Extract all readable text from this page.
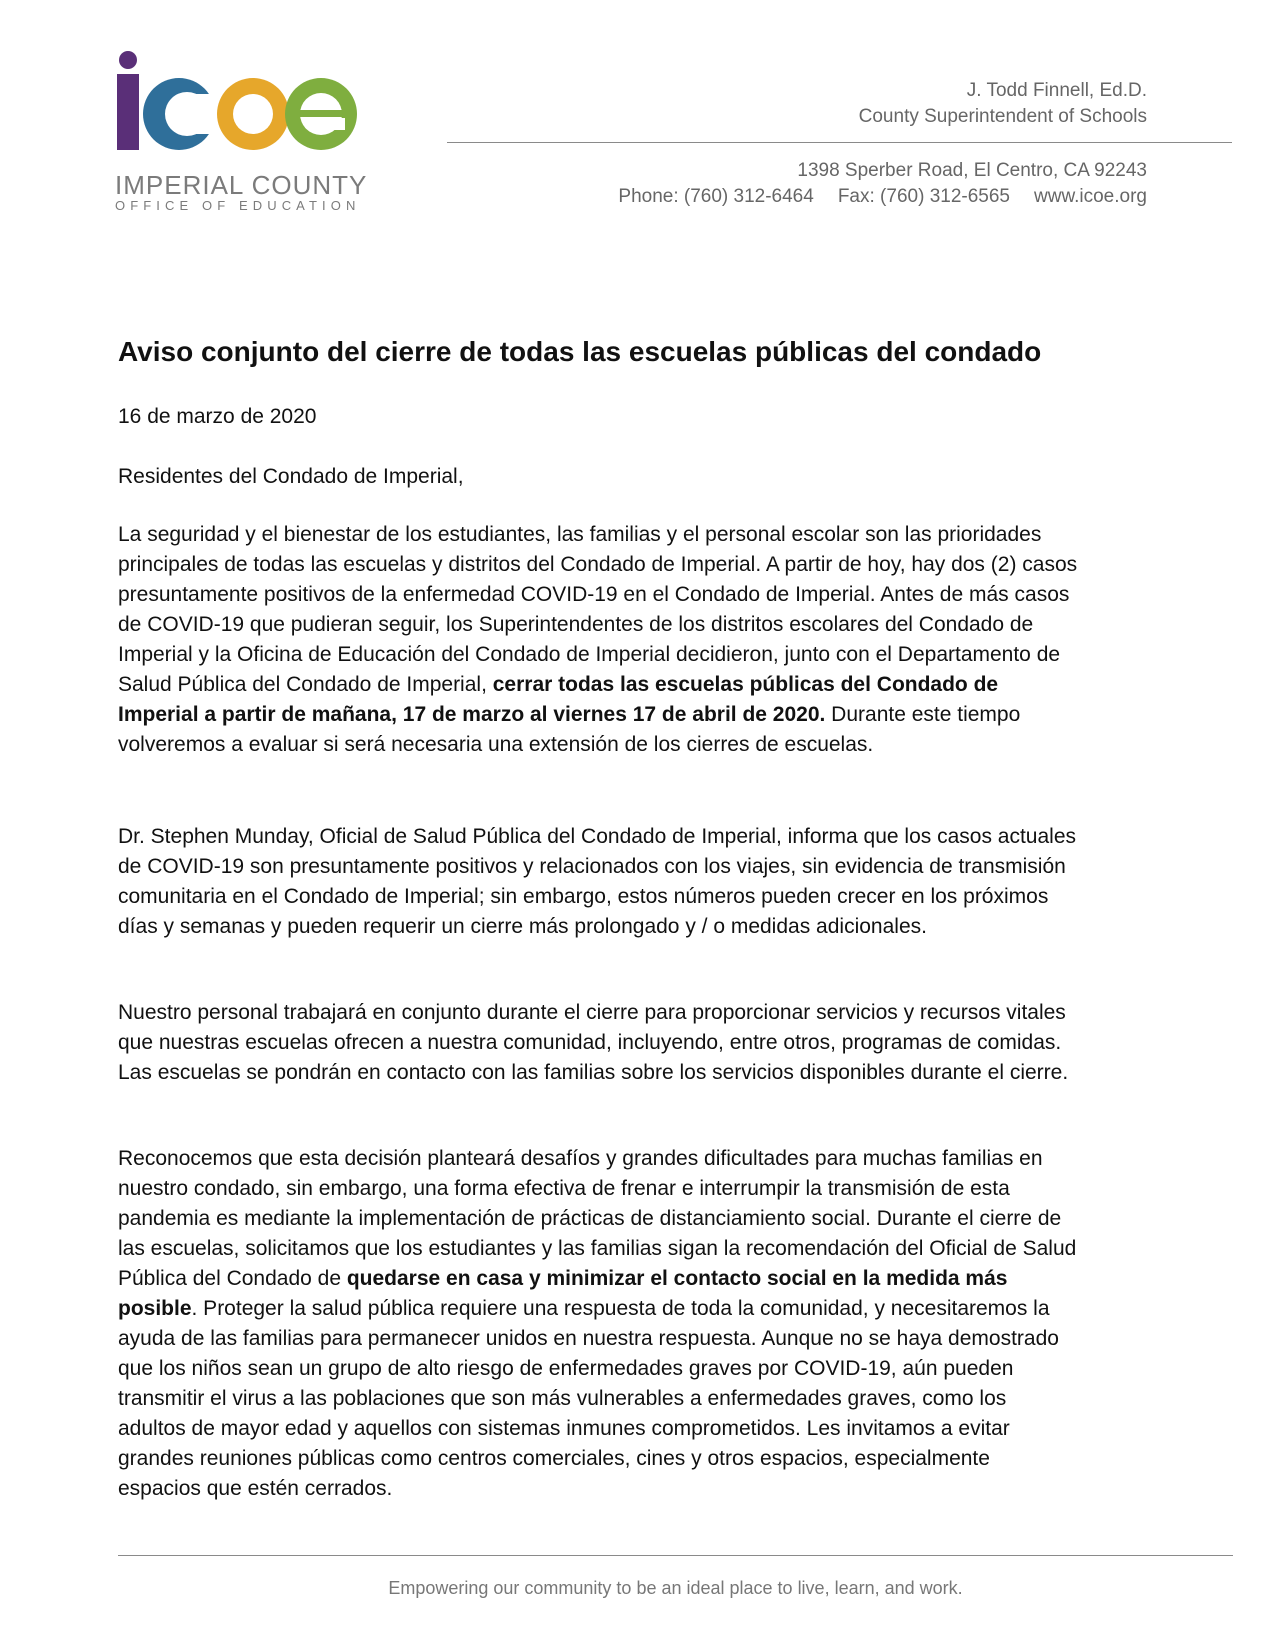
IMPERIAL COUNTY
OFFICE OF EDUCATION
J. Todd Finnell, Ed.D.
County Superintendent of Schools
1398 Sperber Road, El Centro, CA 92243
Phone: (760) 312-6464 Fax: (760) 312-6565 www.icoe.org
Aviso conjunto del cierre de todas las escuelas públicas del condado
16 de marzo de 2020
Residentes del Condado de Imperial,
La seguridad y el bienestar de los estudiantes, las familias y el personal escolar son las prioridades principales de todas las escuelas y distritos del Condado de Imperial. A partir de hoy, hay dos (2) casos presuntamente positivos de la enfermedad COVID-19 en el Condado de Imperial. Antes de más casos de COVID-19 que pudieran seguir, los Superintendentes de los distritos escolares del Condado de Imperial y la Oficina de Educación del Condado de Imperial decidieron, junto con el Departamento de Salud Pública del Condado de Imperial, cerrar todas las escuelas públicas del Condado de Imperial a partir de mañana, 17 de marzo al viernes 17 de abril de 2020. Durante este tiempo volveremos a evaluar si será necesaria una extensión de los cierres de escuelas.
Dr. Stephen Munday, Oficial de Salud Pública del Condado de Imperial, informa que los casos actuales de COVID-19 son presuntamente positivos y relacionados con los viajes, sin evidencia de transmisión comunitaria en el Condado de Imperial; sin embargo, estos números pueden crecer en los próximos días y semanas y pueden requerir un cierre más prolongado y / o medidas adicionales.
Nuestro personal trabajará en conjunto durante el cierre para proporcionar servicios y recursos vitales que nuestras escuelas ofrecen a nuestra comunidad, incluyendo, entre otros, programas de comidas. Las escuelas se pondrán en contacto con las familias sobre los servicios disponibles durante el cierre.
Reconocemos que esta decisión planteará desafíos y grandes dificultades para muchas familias en nuestro condado, sin embargo, una forma efectiva de frenar e interrumpir la transmisión de esta pandemia es mediante la implementación de prácticas de distanciamiento social. Durante el cierre de las escuelas, solicitamos que los estudiantes y las familias sigan la recomendación del Oficial de Salud Pública del Condado de quedarse en casa y minimizar el contacto social en la medida más posible. Proteger la salud pública requiere una respuesta de toda la comunidad, y necesitaremos la ayuda de las familias para permanecer unidos en nuestra respuesta. Aunque no se haya demostrado que los niños sean un grupo de alto riesgo de enfermedades graves por COVID-19, aún pueden transmitir el virus a las poblaciones que son más vulnerables a enfermedades graves, como los adultos de mayor edad y aquellos con sistemas inmunes comprometidos. Les invitamos a evitar grandes reuniones públicas como centros comerciales, cines y otros espacios, especialmente espacios que estén cerrados.
Empowering our community to be an ideal place to live, learn, and work.
